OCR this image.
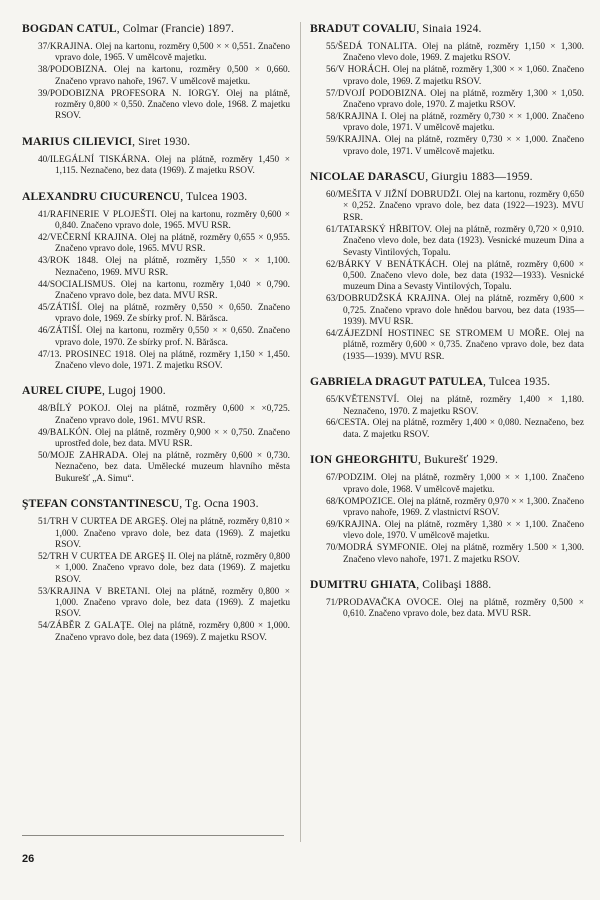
BOGDAN CATUL, Colmar (Francie) 1897.
37/KRAJINA. Olej na kartonu, rozměry 0,500 × × 0,551. Značeno vpravo dole, 1965. V umělcově majetku.
38/PODOBIZNA. Olej na kartonu, rozměry 0,500 × 0,660. Značeno vpravo nahoře, 1967. V umělcově majetku.
39/PODOBIZNA PROFESORA N. IORGY. Olej na plátně, rozměry 0,800 × 0,550. Značeno vlevo dole, 1968. Z majetku RSOV.
MARIUS CILIEVICI, Siret 1930.
40/ILEGÁLNÍ TISKÁRNA. Olej na plátně, rozměry 1,450 × 1,115. Neznačeno, bez data (1969). Z majetku RSOV.
ALEXANDRU CIUCURENCU, Tulcea 1903.
41/RAFINERIE V PLOJEŠTI. Olej na kartonu, rozměry 0,600 × 0,840. Značeno vpravo dole, 1965. MVU RSR.
42/VEČERNÍ KRAJINA. Olej na plátně, rozměry 0,655 × 0,955. Značeno vpravo dole, 1965. MVU RSR.
43/ROK 1848. Olej na plátně, rozměry 1,550 × × 1,100. Neznačeno, 1969. MVU RSR.
44/SOCIALISMUS. Olej na kartonu, rozměry 1,040 × 0,790. Značeno vpravo dole, bez data. MVU RSR.
45/ZÁTIŠÍ. Olej na plátně, rozměry 0,550 × 0,650. Značeno vpravo dole, 1969. Ze sbírky prof. N. Bărăsca.
46/ZÁTIŠÍ. Olej na kartonu, rozměry 0,550 × × 0,650. Značeno vpravo dole, 1970. Ze sbírky prof. N. Bărăsca.
47/13. PROSINEC 1918. Olej na plátně, rozměry 1,150 × 1,450. Značeno vlevo dole, 1971. Z majetku RSOV.
AUREL CIUPE, Lugoj 1900.
48/BÍLÝ POKOJ. Olej na plátně, rozměry 0,600 × ×0,725. Značeno vpravo dole, 1961. MVU RSR.
49/BALKÓN. Olej na plátně, rozměry 0,900 × × 0,750. Značeno uprostřed dole, bez data. MVU RSR.
50/MOJE ZAHRADA. Olej na plátně, rozměry 0,600 × 0,730. Neznačeno, bez data. Umělecké muzeum hlavního města Bukurešť „A. Simu“.
ŞTEFAN CONSTANTINESCU, Tg. Ocna 1903.
51/TRH V CURTEA DE ARGEŞ. Olej na plátně, rozměry 0,810 × 1,000. Značeno vpravo dole, bez data (1969). Z majetku RSOV.
52/TRH V CURTEA DE ARGEŞ II. Olej na plátně, rozměry 0,800 × 1,000. Značeno vpravo dole, bez data (1969). Z majetku RSOV.
53/KRAJINA V BRETANI. Olej na plátně, rozměry 0,800 × 1,000. Značeno vpravo dole, bez data (1969). Z majetku RSOV.
54/ZÁBĚR Z GALAŢE. Olej na plátně, rozměry 0,800 × 1,000. Značeno vpravo dole, bez data (1969). Z majetku RSOV.
BRADUT COVALIU, Sinaia 1924.
55/ŠEDÁ TONALITA. Olej na plátně, rozměry 1,150 × 1,300. Značeno vlevo dole, 1969. Z majetku RSOV.
56/V HORÁCH. Olej na plátně, rozměry 1,300 × × 1,060. Značeno vpravo dole, 1969. Z majetku RSOV.
57/DVOJÍ PODOBIZNA. Olej na plátně, rozměry 1,300 × 1,050. Značeno vpravo dole, 1970. Z majetku RSOV.
58/KRAJINA I. Olej na plátně, rozměry 0,730 × × 1,000. Značeno vpravo dole, 1971. V umělcově majetku.
59/KRAJINA. Olej na plátně, rozměry 0,730 × × 1,000. Značeno vpravo dole, 1971. V umělcově majetku.
NICOLAE DARASCU, Giurgiu 1883—1959.
60/MEŠITA V JIŽNÍ DOBRUDŽI. Olej na kartonu, rozměry 0,650 × 0,252. Značeno vpravo dole, bez data (1922—1923). MVU RSR.
61/TATARSKÝ HŘBITOV. Olej na plátně, rozměry 0,720 × 0,910. Značeno vlevo dole, bez data (1923). Vesnické muzeum Dina a Sevasty Vintilových, Topalu.
62/BÁRKY V BENÁTKÁCH. Olej na plátně, rozměry 0,600 × 0,500. Značeno vlevo dole, bez data (1932—1933). Vesnické muzeum Dina a Sevasty Vintilových, Topalu.
63/DOBRUDŽSKÁ KRAJINA. Olej na plátně, rozměry 0,600 × 0,725. Značeno vpravo dole hnědou barvou, bez data (1935—1939). MVU RSR.
64/ZÁJEZDNÍ HOSTINEC SE STROMEM U MOŘE. Olej na plátně, rozměry 0,600 × 0,735. Značeno vpravo dole, bez data (1935—1939). MVU RSR.
GABRIELA DRAGUT PATULEA, Tulcea 1935.
65/KVĚTENSTVÍ. Olej na plátně, rozměry 1,400 × 1,180. Neznačeno, 1970. Z majetku RSOV.
66/CESTA. Olej na plátně, rozměry 1,400 × 0,080. Neznačeno, bez data. Z majetku RSOV.
ION GHEORGHITU, Bukurešť 1929.
67/PODZIM. Olej na plátně, rozměry 1,000 × × 1,100. Značeno vpravo dole, 1968. V umělcově majetku.
68/KOMPOZICE. Olej na plátně, rozměry 0,970 × × 1,300. Značeno vpravo nahoře, 1969. Z vlastnictví RSOV.
69/KRAJINA. Olej na plátně, rozměry 1,380 × × 1,100. Značeno vlevo dole, 1970. V umělcově majetku.
70/MODRÁ SYMFONIE. Olej na plátně, rozměry 1.500 × 1,300. Značeno vlevo nahoře, 1971. Z majetku RSOV.
DUMITRU GHIATA, Colibaşi 1888.
71/PRODAVAČKA OVOCE. Olej na plátně, rozměry 0,500 × 0,610. Značeno vpravo dole, bez data. MVU RSR.
26
